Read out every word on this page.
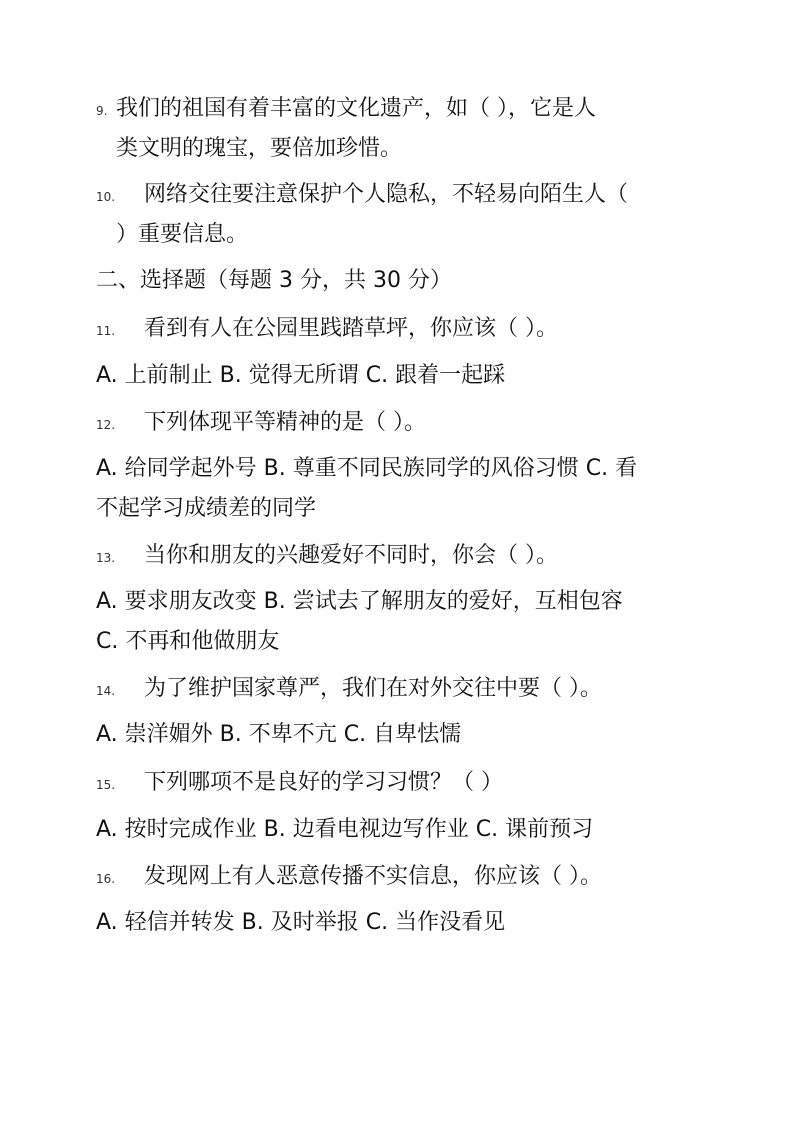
9. 我们的祖国有着丰富的文化遗产，如（ ），它是人
类文明的瑰宝，要倍加珍惜。
10. 网络交往要注意保护个人隐私，不轻易向陌生人（
）重要信息。
二、选择题（每题 3 分，共 30 分）
11. 看到有人在公园里践踏草坪，你应该（ ）。
A. 上前制止 B. 觉得无所谓 C. 跟着一起踩
12. 下列体现平等精神的是（ ）。
A. 给同学起外号 B. 尊重不同民族同学的风俗习惯 C. 看
不起学习成绩差的同学
13. 当你和朋友的兴趣爱好不同时，你会（ ）。
A. 要求朋友改变 B. 尝试去了解朋友的爱好，互相包容
C. 不再和他做朋友
14. 为了维护国家尊严，我们在对外交往中要（ ）。
A. 崇洋媚外 B. 不卑不亢 C. 自卑怯懦
15. 下列哪项不是良好的学习习惯？（ ）
A. 按时完成作业 B. 边看电视边写作业 C. 课前预习
16. 发现网上有人恶意传播不实信息，你应该（ ）。
A. 轻信并转发 B. 及时举报 C. 当作没看见
